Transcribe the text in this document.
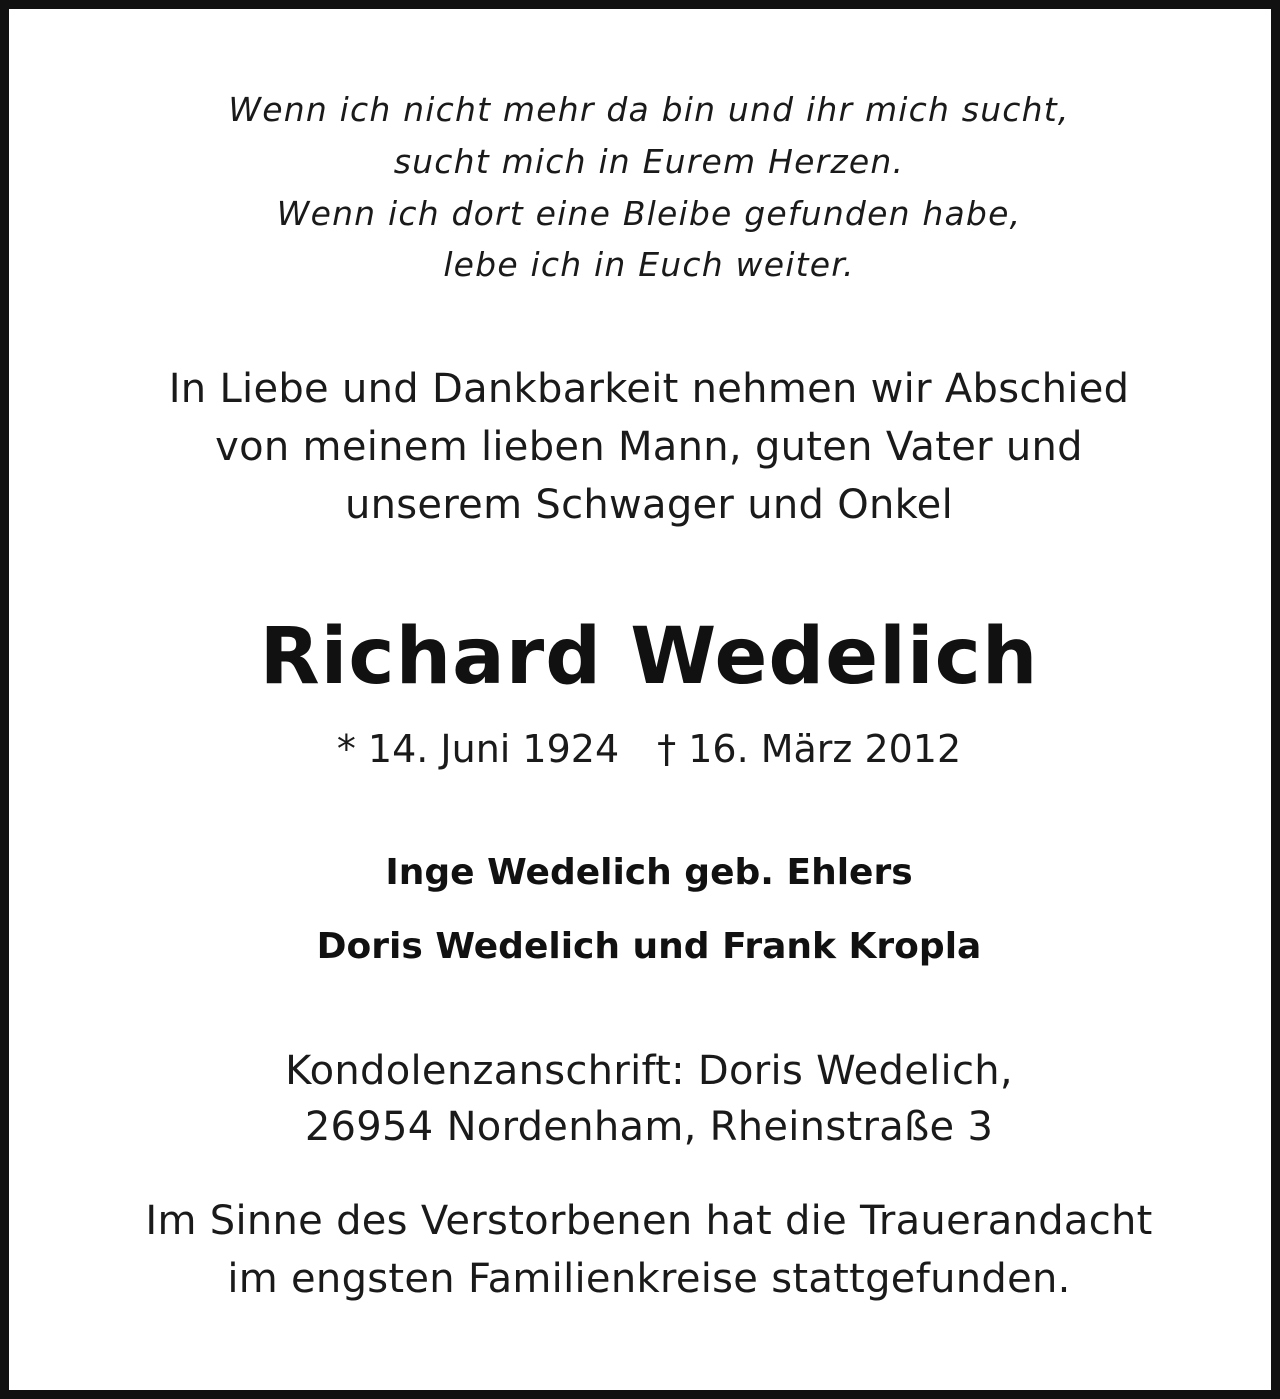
Wenn ich nicht mehr da bin und ihr mich sucht,
sucht mich in Eurem Herzen.
Wenn ich dort eine Bleibe gefunden habe,
lebe ich in Euch weiter.
In Liebe und Dankbarkeit nehmen wir Abschied
von meinem lieben Mann, guten Vater und
unserem Schwager und Onkel
Richard Wedelich
* 14. Juni 1924 † 16. März 2012
Inge Wedelich geb. Ehlers
Doris Wedelich und Frank Kropla
Kondolenzanschrift: Doris Wedelich,
26954 Nordenham, Rheinstraße 3
Im Sinne des Verstorbenen hat die Trauerandacht
im engsten Familienkreise stattgefunden.
